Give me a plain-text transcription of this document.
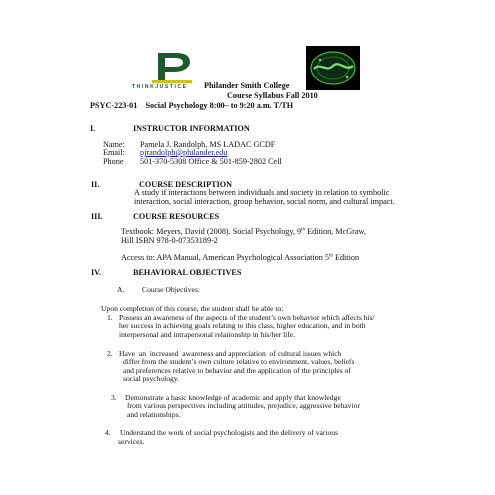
THINKJUSTICE Philander Smith College
Course Syllabus Fall 2010
PSYC-223-01    Social Psychology 8:00– to 9:20 a.m. T/TH
I.	INSTRUCTOR INFORMATION
Name: Pamela J. Randolph, MS LADAC GCDF
Email: pjrandolph@philander.edu
Phone 501-370-5308 Office & 501-859-2802 Cell
II.	COURSE DESCRIPTION
A study if interactions between individuals and society in relation to symbolic
interaction, social interaction, group behavior, social norm, and cultural impact.
III.	COURSE RESOURCES
Textbook: Meyers, David (2008). Social Psychology, 9th Edition, McGraw,
Hill ISBN 978-0-07353189-2
Access to: APA Manual, American Psychological Association 5th Edition
IV.	BEHAVIORAL OBJECTIVES
A. Course Objectives:
Upon completion of this course, the student shall be able to:
1. Possess an awareness of the aspects of the student’s own behavior which affects his/
her success in achieving goals relating to this class, higher education, and in both
interpersonal and intrapersonal relationship in his/her life.
2. Have  an  increased  awareness and appreciation  of cultural issues which
differ from the student’s own culture relative to environment, values, beliefs
and preferences relative to behavior and the application of the principles of
social psychology.
3. Demonstrate a basic knowledge of academic and apply that knowledge
from various perspectives including attitudes, prejudice, aggressive behavior
and relationships.
4. Understand the work of social psychologists and the delivery of various
services.
